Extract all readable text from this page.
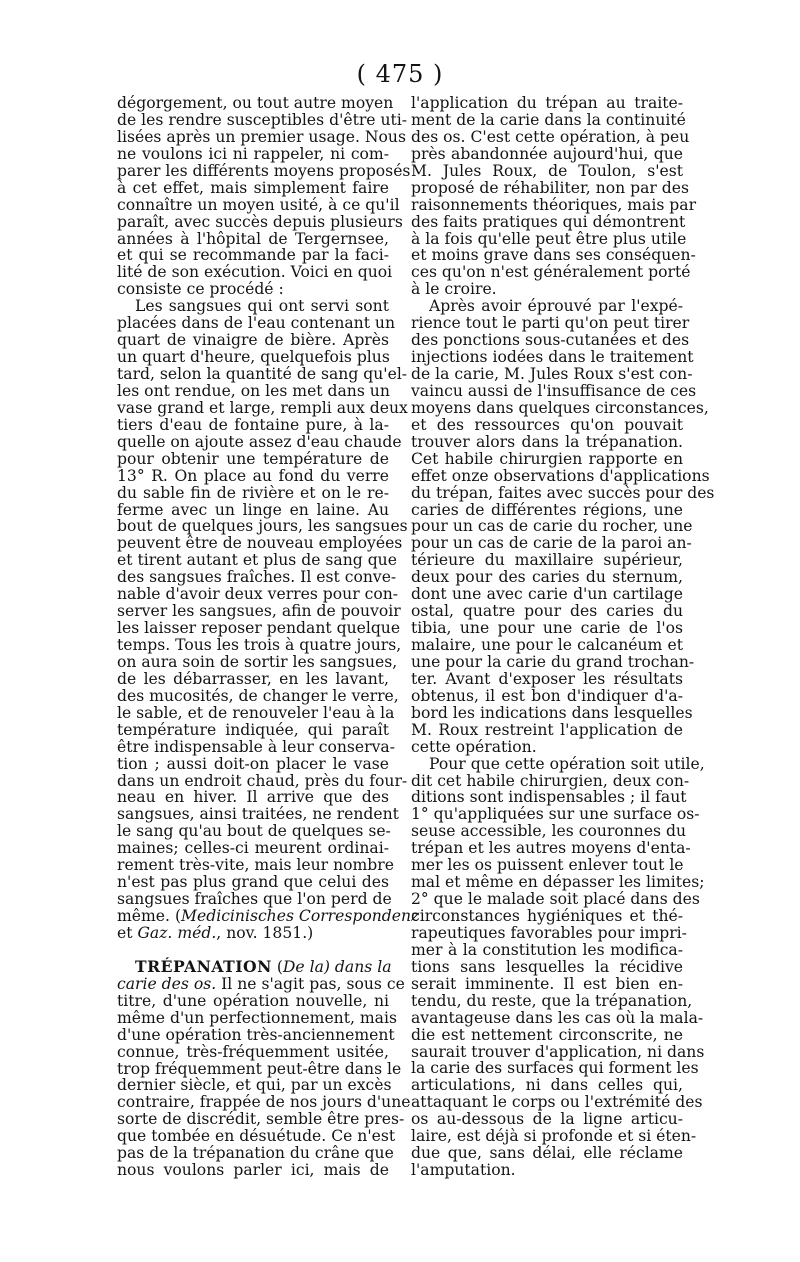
( 475 )
dégorgement, ou tout autre moyen
de les rendre susceptibles d'être uti-
lisées après un premier usage. Nous
ne voulons ici ni rappeler, ni com-
parer les différents moyens proposés
à cet effet, mais simplement faire
connaître un moyen usité, à ce qu'il
paraît, avec succès depuis plusieurs
années à l'hôpital de Tergernsee,
et qui se recommande par la faci-
lité de son exécution. Voici en quoi
consiste ce procédé :
Les sangsues qui ont servi sont
placées dans de l'eau contenant un
quart de vinaigre de bière. Après
un quart d'heure, quelquefois plus
tard, selon la quantité de sang qu'el-
les ont rendue, on les met dans un
vase grand et large, rempli aux deux
tiers d'eau de fontaine pure, à la-
quelle on ajoute assez d'eau chaude
pour obtenir une température de
13° R. On place au fond du verre
du sable fin de rivière et on le re-
ferme avec un linge en laine. Au
bout de quelques jours, les sangsues
peuvent être de nouveau employées
et tirent autant et plus de sang que
des sangsues fraîches. Il est conve-
nable d'avoir deux verres pour con-
server les sangsues, afin de pouvoir
les laisser reposer pendant quelque
temps. Tous les trois à quatre jours,
on aura soin de sortir les sangsues,
de les débarrasser, en les lavant,
des mucosités, de changer le verre,
le sable, et de renouveler l'eau à la
température indiquée, qui paraît
être indispensable à leur conserva-
tion ; aussi doit-on placer le vase
dans un endroit chaud, près du four-
neau en hiver. Il arrive que des
sangsues, ainsi traitées, ne rendent
le sang qu'au bout de quelques se-
maines; celles-ci meurent ordinai-
rement très-vite, mais leur nombre
n'est pas plus grand que celui des
sangsues fraîches que l'on perd de
même. (Medicinisches Correspondenz
et Gaz. méd., nov. 1851.)
TRÉPANATION (De la) dans la
carie des os. Il ne s'agit pas, sous ce
titre, d'une opération nouvelle, ni
même d'un perfectionnement, mais
d'une opération très-anciennement
connue, très-fréquemment usitée,
trop fréquemment peut-être dans le
dernier siècle, et qui, par un excès
contraire, frappée de nos jours d'une
sorte de discrédit, semble être pres-
que tombée en désuétude. Ce n'est
pas de la trépanation du crâne que
nous voulons parler ici, mais de
l'application du trépan au traite-
ment de la carie dans la continuité
des os. C'est cette opération, à peu
près abandonnée aujourd'hui, que
M. Jules Roux, de Toulon, s'est
proposé de réhabiliter, non par des
raisonnements théoriques, mais par
des faits pratiques qui démontrent
à la fois qu'elle peut être plus utile
et moins grave dans ses conséquen-
ces qu'on n'est généralement porté
à le croire.
Après avoir éprouvé par l'expé-
rience tout le parti qu'on peut tirer
des ponctions sous-cutanées et des
injections iodées dans le traitement
de la carie, M. Jules Roux s'est con-
vaincu aussi de l'insuffisance de ces
moyens dans quelques circonstances,
et des ressources qu'on pouvait
trouver alors dans la trépanation.
Cet habile chirurgien rapporte en
effet onze observations d'applications
du trépan, faites avec succès pour des
caries de différentes régions, une
pour un cas de carie du rocher, une
pour un cas de carie de la paroi an-
térieure du maxillaire supérieur,
deux pour des caries du sternum,
dont une avec carie d'un cartilage
ostal, quatre pour des caries du
tibia, une pour une carie de l'os
malaire, une pour le calcanéum et
une pour la carie du grand trochan-
ter. Avant d'exposer les résultats
obtenus, il est bon d'indiquer d'a-
bord les indications dans lesquelles
M. Roux restreint l'application de
cette opération.
Pour que cette opération soit utile,
dit cet habile chirurgien, deux con-
ditions sont indispensables ; il faut
1° qu'appliquées sur une surface os-
seuse accessible, les couronnes du
trépan et les autres moyens d'enta-
mer les os puissent enlever tout le
mal et même en dépasser les limites;
2° que le malade soit placé dans des
circonstances hygiéniques et thé-
rapeutiques favorables pour impri-
mer à la constitution les modifica-
tions sans lesquelles la récidive
serait imminente. Il est bien en-
tendu, du reste, que la trépanation,
avantageuse dans les cas où la mala-
die est nettement circonscrite, ne
saurait trouver d'application, ni dans
la carie des surfaces qui forment les
articulations, ni dans celles qui,
attaquant le corps ou l'extrémité des
os au-dessous de la ligne articu-
laire, est déjà si profonde et si éten-
due que, sans délai, elle réclame
l'amputation.
